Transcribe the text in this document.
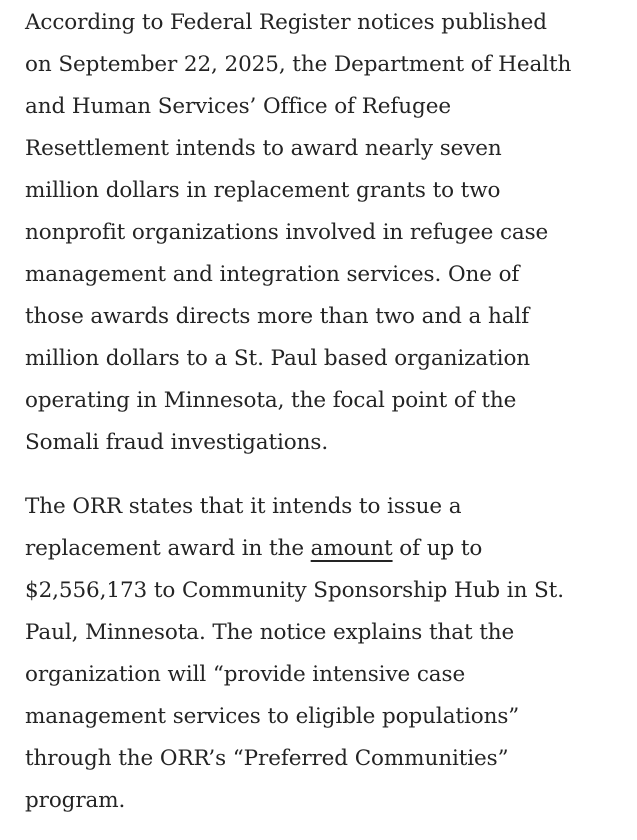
According to Federal Register notices published
on September 22, 2025, the Department of Health
and Human Services’ Office of Refugee
Resettlement intends to award nearly seven
million dollars in replacement grants to two
nonprofit organizations involved in refugee case
management and integration services. One of
those awards directs more than two and a half
million dollars to a St. Paul based organization
operating in Minnesota, the focal point of the
Somali fraud investigations.

The ORR states that it intends to issue a
replacement award in the amount of up to
$2,556,173 to Community Sponsorship Hub in St.
Paul, Minnesota. The notice explains that the
organization will “provide intensive case
management services to eligible populations”
through the ORR’s “Preferred Communities”
program.
